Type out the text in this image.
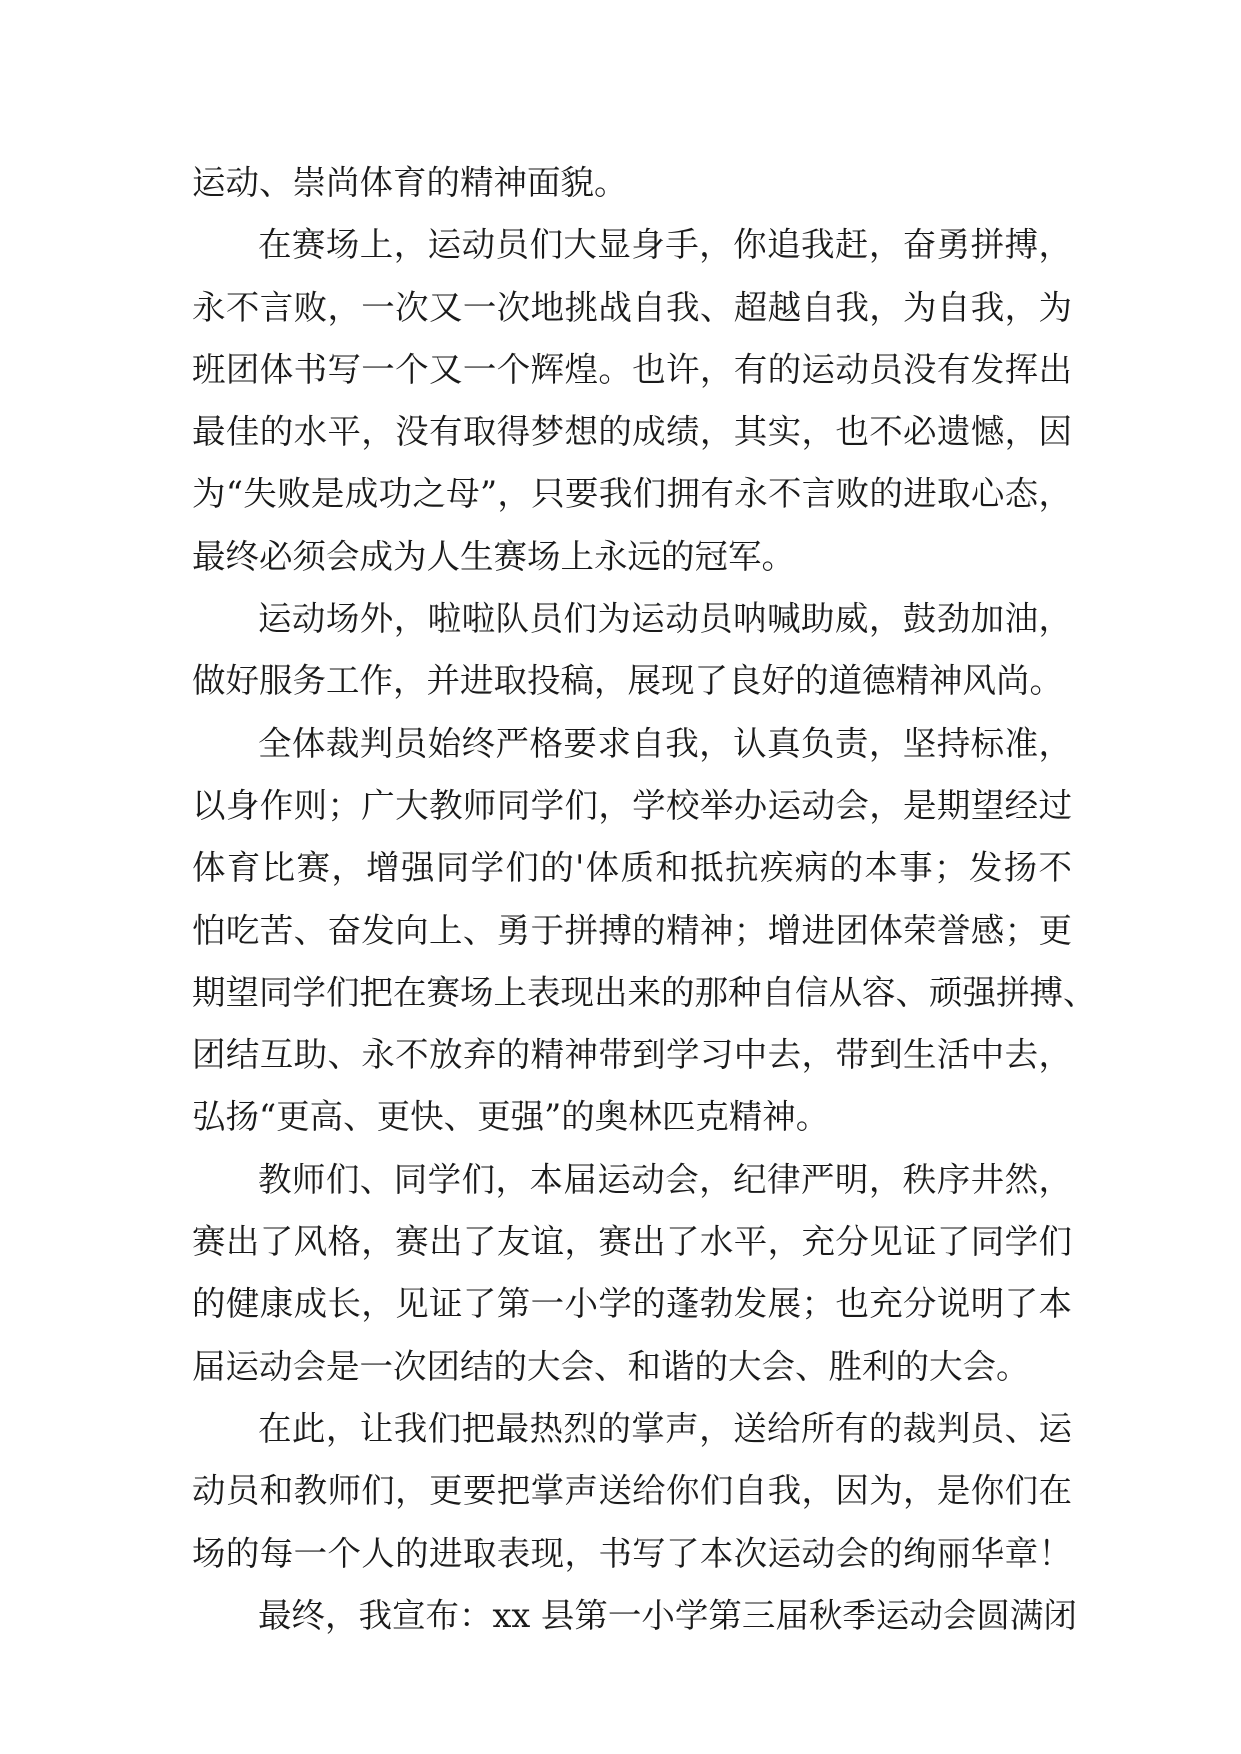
运动、崇尚体育的精神面貌。
在赛场上，运动员们大显身手，你追我赶，奋勇拼搏，
永不言败，一次又一次地挑战自我、超越自我，为自我，为
班团体书写一个又一个辉煌。也许，有的运动员没有发挥出
最佳的水平，没有取得梦想的成绩，其实，也不必遗憾，因
为“失败是成功之母”，只要我们拥有永不言败的进取心态，
最终必须会成为人生赛场上永远的冠军。
运动场外，啦啦队员们为运动员呐喊助威，鼓劲加油，
做好服务工作，并进取投稿，展现了良好的道德精神风尚。
全体裁判员始终严格要求自我，认真负责，坚持标准，
以身作则；广大教师同学们，学校举办运动会，是期望经过
体育比赛，增强同学们的'体质和抵抗疾病的本事；发扬不
怕吃苦、奋发向上、勇于拼搏的精神；增进团体荣誉感；更
期望同学们把在赛场上表现出来的那种自信从容、顽强拼搏、
团结互助、永不放弃的精神带到学习中去，带到生活中去，
弘扬“更高、更快、更强”的奥林匹克精神。
教师们、同学们，本届运动会，纪律严明，秩序井然，
赛出了风格，赛出了友谊，赛出了水平，充分见证了同学们
的健康成长，见证了第一小学的蓬勃发展；也充分说明了本
届运动会是一次团结的大会、和谐的大会、胜利的大会。
在此，让我们把最热烈的掌声，送给所有的裁判员、运
动员和教师们，更要把掌声送给你们自我，因为，是你们在
场的每一个人的进取表现，书写了本次运动会的绚丽华章！
最终，我宣布：xx 县第一小学第三届秋季运动会圆满闭
